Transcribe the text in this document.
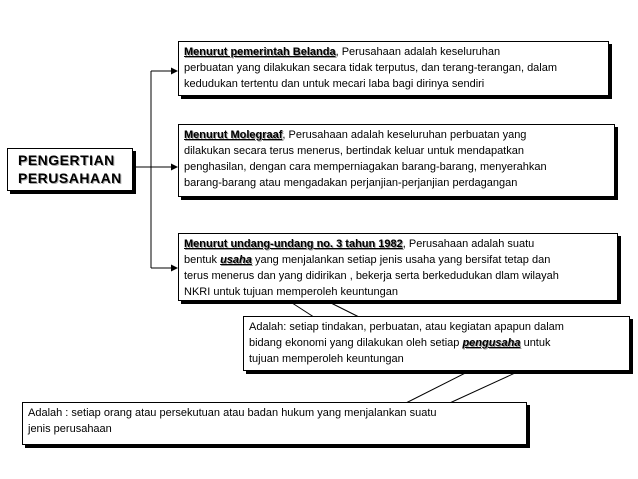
PENGERTIAN
PERUSAHAAN
Menurut pemerintah Belanda, Perusahaan adalah keseluruhan
perbuatan yang dilakukan secara tidak terputus, dan terang-terangan, dalam
kedudukan tertentu dan untuk mecari laba bagi dirinya sendiri
Menurut Molegraaf, Perusahaan adalah keseluruhan perbuatan yang
dilakukan secara terus menerus, bertindak keluar untuk mendapatkan
penghasilan, dengan cara memperniagakan barang-barang, menyerahkan
barang-barang atau mengadakan perjanjian-perjanjian perdagangan
Menurut undang-undang no. 3 tahun 1982, Perusahaan adalah suatu
bentuk usaha yang menjalankan setiap jenis usaha yang bersifat tetap dan
terus menerus dan yang didirikan , bekerja serta berkedudukan dlam wilayah
NKRI untuk tujuan memperoleh keuntungan
Adalah: setiap tindakan, perbuatan, atau kegiatan apapun dalam
bidang ekonomi yang dilakukan oleh setiap pengusaha untuk
tujuan memperoleh keuntungan
Adalah : setiap orang atau persekutuan atau badan hukum yang menjalankan suatu
jenis perusahaan
